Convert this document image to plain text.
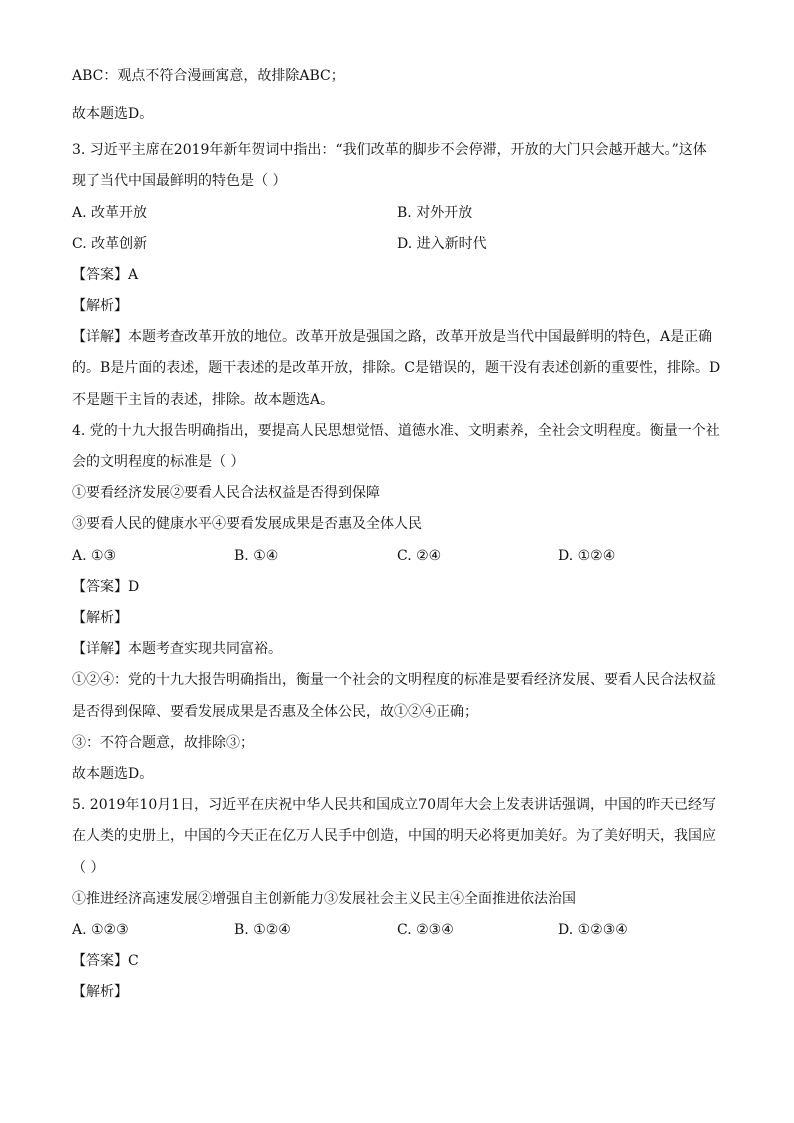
ABC：观点不符合漫画寓意，故排除ABC；
故本题选D。
3. 习近平主席在2019年新年贺词中指出：“我们改革的脚步不会停滞，开放的大门只会越开越大。”这体
现了当代中国最鲜明的特色是（ ）
A. 改革开放	B. 对外开放
C. 改革创新	D. 进入新时代
【答案】A
【解析】
【详解】本题考查改革开放的地位。改革开放是强国之路，改革开放是当代中国最鲜明的特色，A是正确
的。B是片面的表述，题干表述的是改革开放，排除。C是错误的，题干没有表述创新的重要性，排除。D
不是题干主旨的表述，排除。故本题选A。
4. 党的十九大报告明确指出，要提高人民思想觉悟、道德水准、文明素养，全社会文明程度。衡量一个社
会的文明程度的标准是（ ）
①要看经济发展②要看人民合法权益是否得到保障
③要看人民的健康水平④要看发展成果是否惠及全体人民
A. ①③	B. ①④	C. ②④	D. ①②④
【答案】D
【解析】
【详解】本题考查实现共同富裕。
①②④：党的十九大报告明确指出，衡量一个社会的文明程度的标准是要看经济发展、要看人民合法权益
是否得到保障、要看发展成果是否惠及全体公民，故①②④正确；
③：不符合题意，故排除③；
故本题选D。
5. 2019年10月1日，习近平在庆祝中华人民共和国成立70周年大会上发表讲话强调，中国的昨天已经写
在人类的史册上，中国的今天正在亿万人民手中创造，中国的明天必将更加美好。为了美好明天，我国应
（ ）
①推进经济高速发展②增强自主创新能力③发展社会主义民主④全面推进依法治国
A. ①②③	B. ①②④	C. ②③④	D. ①②③④
【答案】C
【解析】
